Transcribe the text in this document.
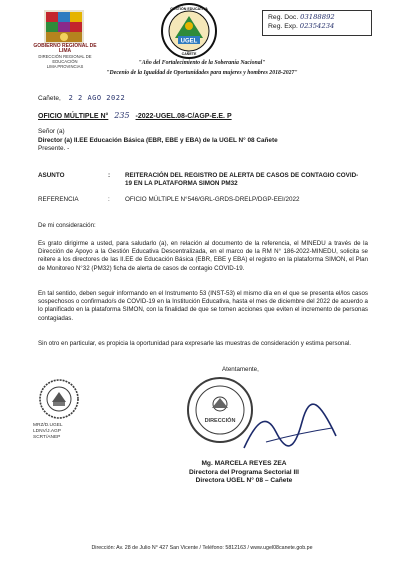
GOBIERNO REGIONAL DE LIMA
DIRECCIÓN REGIONAL DE EDUCACIÓN
LIMA PROVINCIAS
UGEL
GESTIÓN EDUCATIVA
CAÑETE
Reg. Doc. 03188892
Reg. Exp. 02354234
"Año del Fortalecimiento de la Soberanía Nacional"
"Decenio de la Igualdad de Oportunidades para mujeres y hombres 2018-2027"
Cañete, 2 2 AGO 2022
OFICIO MÚLTIPLE N° 235 -2022-UGEL.08-C/AGP-E.E. P
Señor (a)
Director (a) II.EE Educación Básica (EBR, EBE y EBA) de la UGEL N° 08 Cañete
Presente. -
ASUNTO	: REITERACIÓN DEL REGISTRO DE ALERTA DE CASOS DE CONTAGIO COVID-19 EN LA PLATAFORMA SIMON PM32
REFERENCIA	: OFICIO MÚLTIPLE N°546/GRL-GRDS-DRELP/DGP-EEI/2022
De mi consideración:
Es grato dirigirme a usted, para saludarlo (a), en relación al documento de la referencia, el MINEDU a través de la Dirección de Apoyo a la Gestión Educativa Descentralizada, en el marco de la RM N° 186-2022-MINEDU, solicita se reitere a los directores de las II.EE de Educación Básica (EBR, EBE y EBA) el registro en la plataforma SIMON, el Plan de Monitoreo N°32 (PM32) ficha de alerta de casos de contagio COVID-19.
En tal sentido, deben seguir informando en el Instrumento 53 (INST-53) el mismo día en el que se presenta el/los casos sospechosos o confirmado/s de COVID-19 en la Institución Educativa, hasta el mes de diciembre del 2022 de acuerdo a lo planificado en la plataforma SIMON, con la finalidad de que se tomen acciones que eviten el incremento de personas contagiadas.
Sin otro en particular, es propicia la oportunidad para expresarle las muestras de consideración y estima personal.
Atentamente,
MRZ/D.UGEL
LDNV/J.AGP
SCRT/ANEP
DIRECCIÓN
Mg. MARCELA REYES ZEA
Directora del Programa Sectorial III
Directora UGEL N° 08 – Cañete
Dirección: Av. 28 de Julio N° 427 San Vicente / Teléfono: 5812163 / www.ugel08canete.gob.pe
